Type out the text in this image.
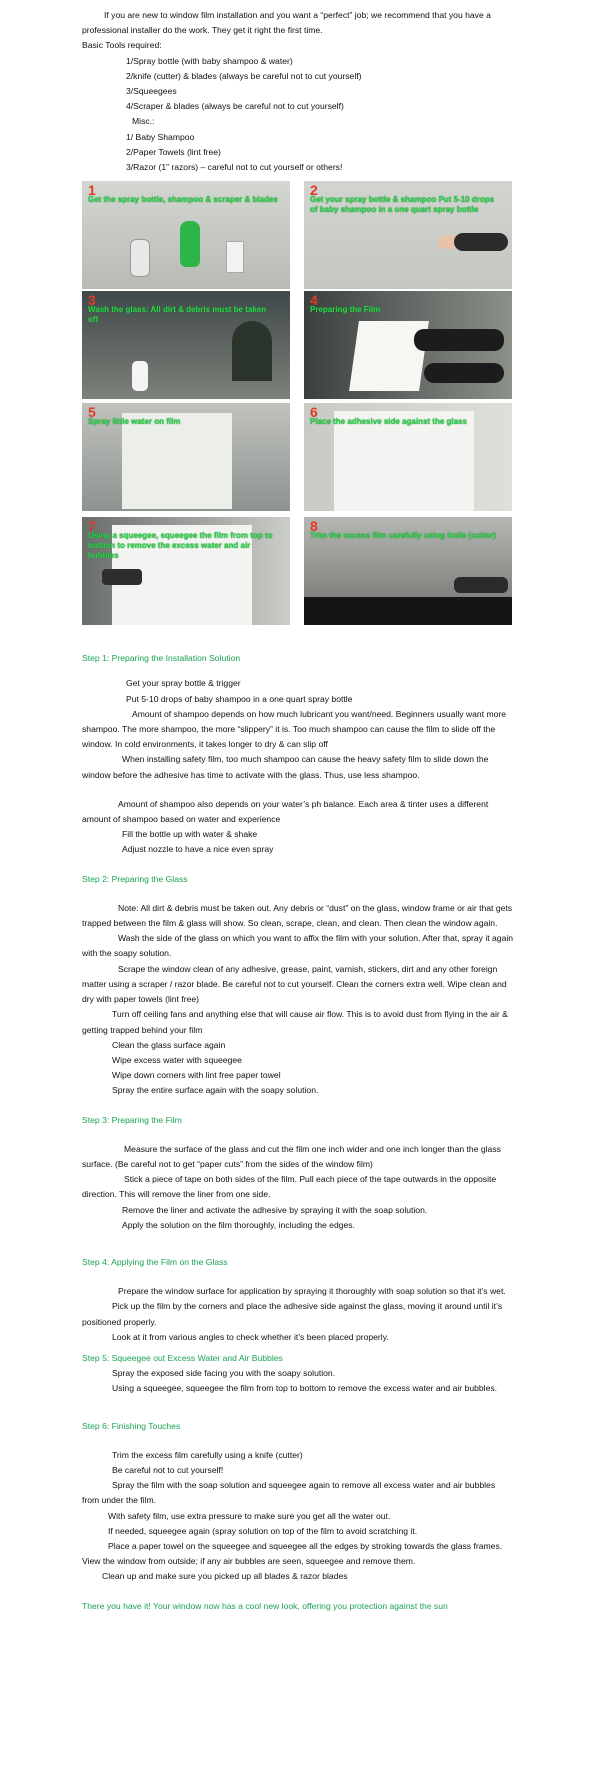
If you are new to window film installation and you want a “perfect” job; we recommend that you have a professional installer do the work. They get it right the first time.

Basic Tools required:

1/Spray bottle (with baby shampoo & water)

2/knife (cutter) & blades (always be careful not to cut yourself)

3/Squeegees

4/Scraper & blades (always be careful not to cut yourself)

Misc.:

1/ Baby Shampoo

2/Paper Towels (lint free)

3/Razor (1” razors) – careful not to cut yourself or others!

1
Get the spray bottle, shampoo & scraper & blades
2
Get your spray bottle & shampoo Put 5-10 drops of baby shampoo in a one quart spray bottle
3
Wash the glass: All dirt & debris must be taken off
4
Preparing the Film
5
Spray little water on film
6
Place the adhesive side against the glass
7
Using a squeegee, squeegee the film from top to bottom to remove the excess water and air bubbles
8
Trim the excess film carefully using knife (cutter)

Step 1: Preparing the Installation Solution

Get your spray bottle & trigger

Put 5-10 drops of baby shampoo in a one quart spray bottle

Amount of shampoo depends on how much lubricant you want/need. Beginners usually want more shampoo. The more shampoo, the more “slippery” it is. Too much shampoo can cause the film to slide off the window. In cold environments, it takes longer to dry & can slip off

When installing safety film, too much shampoo can cause the heavy safety film to slide down the window before the adhesive has time to activate with the glass. Thus, use less shampoo.

Amount of shampoo also depends on your water’s ph balance. Each area & tinter uses a different amount of shampoo based on water and experience

Fill the bottle up with water & shake

Adjust nozzle to have a nice even spray

Step 2: Preparing the Glass

Note: All dirt & debris must be taken out. Any debris or “dust” on the glass, window frame or air that gets trapped between the film & glass will show. So clean, scrape, clean, and clean. Then clean the window again.

Wash the side of the glass on which you want to affix the film with your solution. After that, spray it again with the soapy solution.

Scrape the window clean of any adhesive, grease, paint, varnish, stickers, dirt and any other foreign matter using a scraper / razor blade. Be careful not to cut yourself. Clean the corners extra well. Wipe clean and dry with paper towels (lint free)

Turn off ceiling fans and anything else that will cause air flow. This is to avoid dust from flying in the air & getting trapped behind your film

Clean the glass surface again

Wipe excess water with squeegee

Wipe down corners with lint free paper towel

Spray the entire surface again with the soapy solution.

Step 3: Preparing the Film

Measure the surface of the glass and cut the film one inch wider and one inch longer than the glass surface. (Be careful not to get “paper cuts” from the sides of the window film)

Stick a piece of tape on both sides of the film. Pull each piece of the tape outwards in the opposite direction. This will remove the liner from one side.

Remove the liner and activate the adhesive by spraying it with the soap solution.

Apply the solution on the film thoroughly, including the edges.

Step 4: Applying the Film on the Glass

Prepare the window surface for application by spraying it thoroughly with soap solution so that it’s wet.

Pick up the film by the corners and place the adhesive side against the glass, moving it around until it’s positioned properly.

Look at it from various angles to check whether it’s been placed properly.

Step 5: Squeegee out Excess Water and Air Bubbles

Spray the exposed side facing you with the soapy solution.

Using a squeegee, squeegee the film from top to bottom to remove the excess water and air bubbles.

Step 6: Finishing Touches

Trim the excess film carefully using a knife (cutter)

Be careful not to cut yourself!

Spray the film with the soap solution and squeegee again to remove all excess water and air bubbles from under the film.

With safety film, use extra pressure to make sure you get all the water out.

If needed, squeegee again (spray solution on top of the film to avoid scratching it.

Place a paper towel on the squeegee and squeegee all the edges by stroking towards the glass frames. View the window from outside; if any air bubbles are seen, squeegee and remove them.

Clean up and make sure you picked up all blades & razor blades

There you have it! Your window now has a cool new look, offering you protection against the sun
